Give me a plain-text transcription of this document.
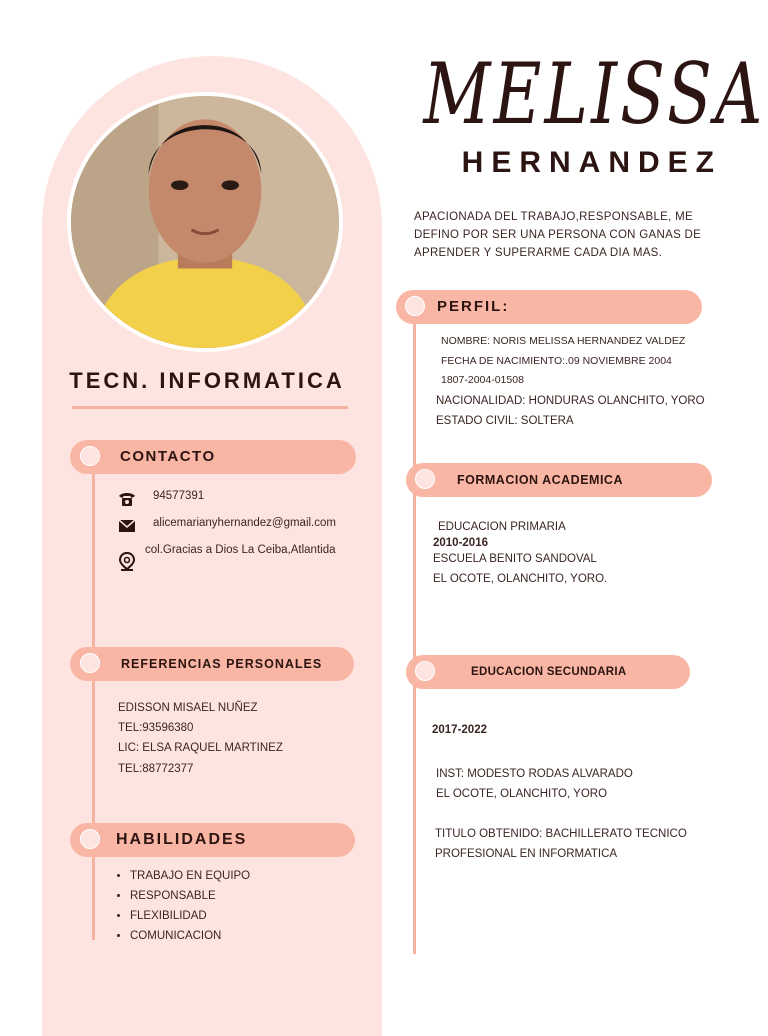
MELISSA
HERNANDEZ
TECN. INFORMATICA
APACIONADA DEL TRABAJO,RESPONSABLE, ME DEFINO POR SER UNA PERSONA CON GANAS DE APRENDER Y SUPERARME CADA DIA MAS.
CONTACTO
94577391
alicemarianyhernandez@gmail.com
col.Gracias a Dios La Ceiba,Atlantida
REFERENCIAS PERSONALES
EDISSON MISAEL NUÑEZ
TEL:93596380
LIC: ELSA RAQUEL MARTINEZ
TEL:88772377
HABILIDADES
• TRABAJO EN EQUIPO
• RESPONSABLE
• FLEXIBILIDAD
• COMUNICACION
PERFIL:
NOMBRE: NORIS MELISSA HERNANDEZ VALDEZ
FECHA DE NACIMIENTO:.09 NOVIEMBRE 2004
1807-2004-01508
NACIONALIDAD: HONDURAS OLANCHITO, YORO
ESTADO CIVIL: SOLTERA
FORMACION ACADEMICA
EDUCACION PRIMARIA
2010-2016
ESCUELA BENITO SANDOVAL
EL OCOTE, OLANCHITO, YORO.
EDUCACION SECUNDARIA
2017-2022
INST: MODESTO RODAS ALVARADO
EL OCOTE, OLANCHITO, YORO
TITULO OBTENIDO: BACHILLERATO TECNICO
PROFESIONAL EN INFORMATICA
